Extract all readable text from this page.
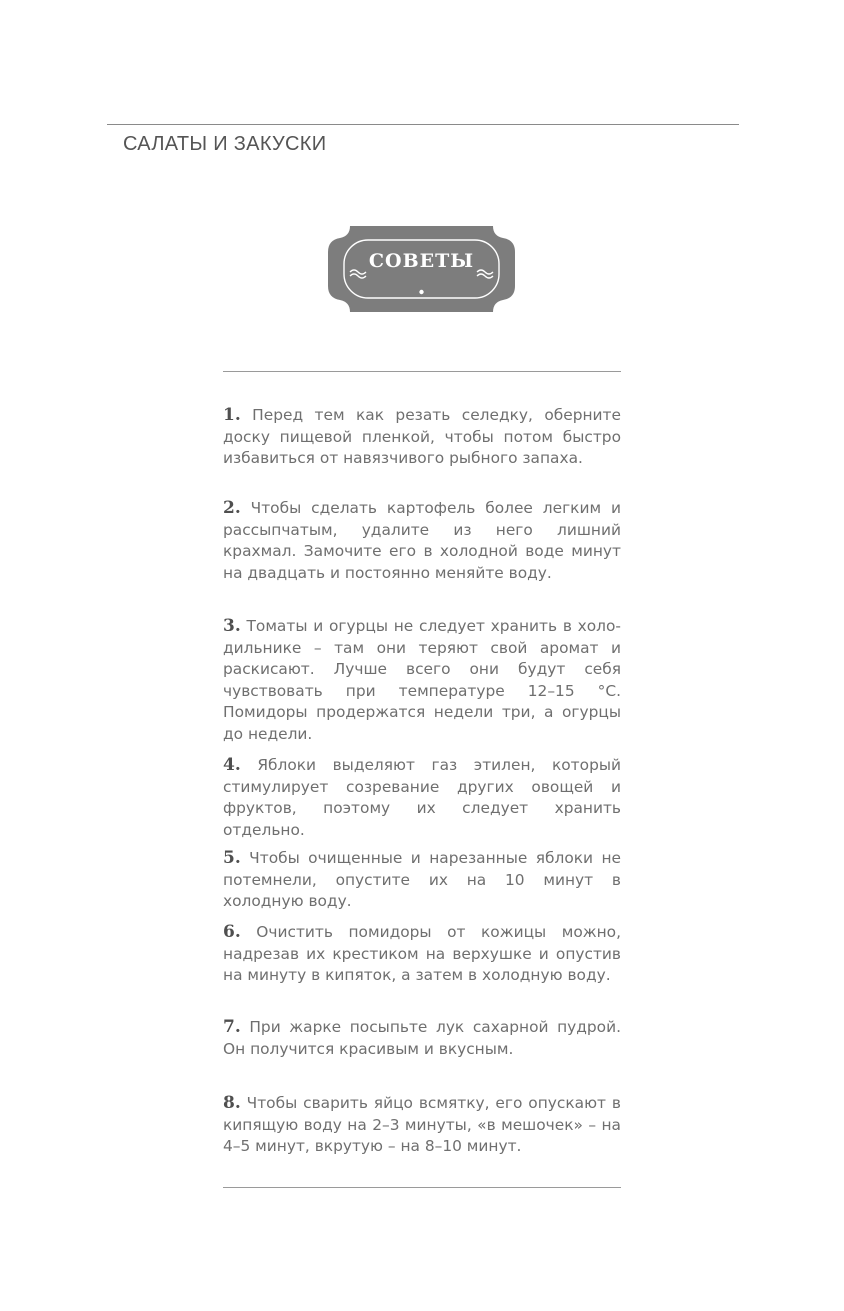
САЛАТЫ И ЗАКУСКИ
СОВЕТЫ
1. Перед тем как резать селедку, оберните доску пищевой пленкой, чтобы потом быстро избавиться от навязчивого рыбного запаха.
2. Чтобы сделать картофель более легким и рассыпчатым, удалите из него лишний крахмал. Замочите его в холодной воде минут на двадцать и постоянно меняйте воду.
3. Томаты и огурцы не следует хранить в холодильнике – там они теряют свой аромат и раскисают. Лучше всего они будут себя чувствовать при температуре 12–15 °C. Помидоры продержатся недели три, а огурцы до недели.
4. Яблоки выделяют газ этилен, который стимулирует созревание других овощей и фруктов, поэтому их следует хранить отдельно.
5. Чтобы очищенные и нарезанные яблоки не потемнели, опустите их на 10 минут в холодную воду.
6. Очистить помидоры от кожицы можно, надрезав их крестиком на верхушке и опустив на минуту в кипяток, а затем в холодную воду.
7. При жарке посыпьте лук сахарной пудрой. Он получится красивым и вкусным.
8. Чтобы сварить яйцо всмятку, его опускают в кипящую воду на 2–3 минуты, «в мешочек» – на 4–5 минут, вкрутую – на 8–10 минут.
